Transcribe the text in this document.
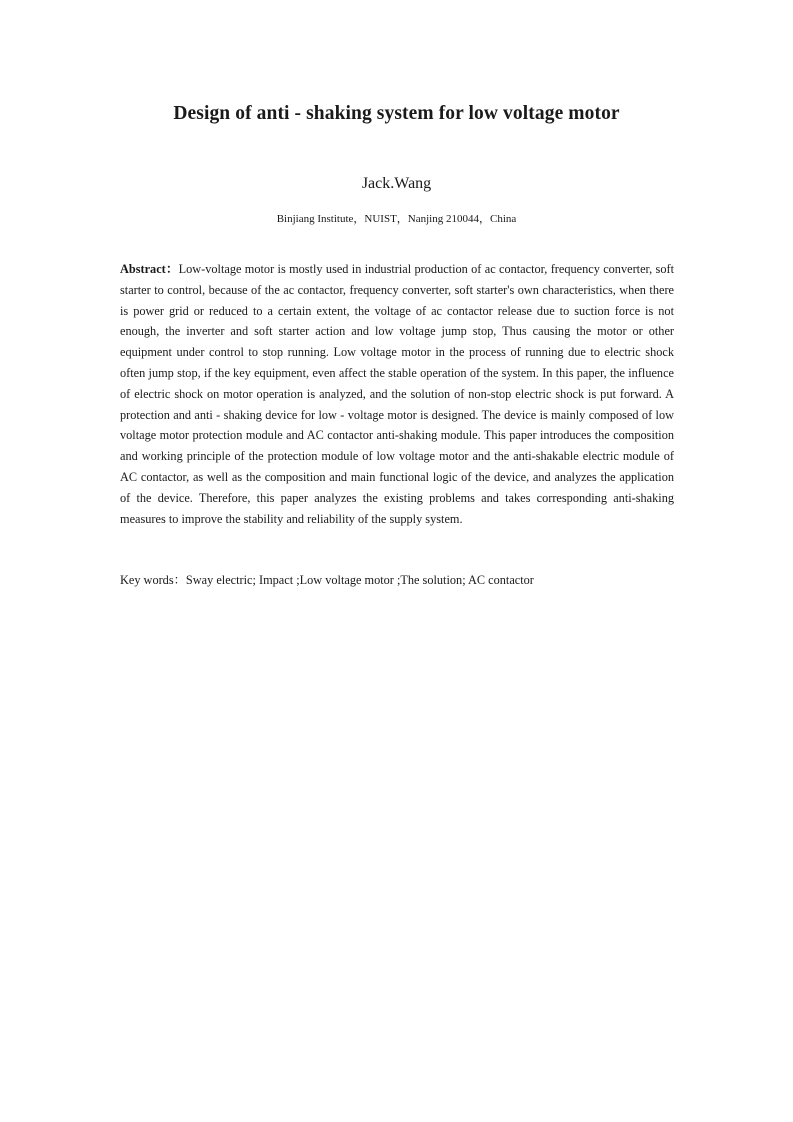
Design of anti - shaking system for low voltage motor
Jack.Wang
Binjiang Institute，NUIST，Nanjing 210044，China

Abstract：Low-voltage motor is mostly used in industrial production of ac contactor, frequency converter, soft starter to control, because of the ac contactor, frequency converter, soft starter's own characteristics, when there is power grid or reduced to a certain extent, the voltage of ac contactor release due to suction force is not enough, the inverter and soft starter action and low voltage jump stop, Thus causing the motor or other equipment under control to stop running. Low voltage motor in the process of running due to electric shock often jump stop, if the key equipment, even affect the stable operation of the system. In this paper, the influence of electric shock on motor operation is analyzed, and the solution of non-stop electric shock is put forward. A protection and anti - shaking device for low - voltage motor is designed. The device is mainly composed of low voltage motor protection module and AC contactor anti-shaking module. This paper introduces the composition and working principle of the protection module of low voltage motor and the anti-shakable electric module of AC contactor, as well as the composition and main functional logic of the device, and analyzes the application of the device. Therefore, this paper analyzes the existing problems and takes corresponding anti-shaking measures to improve the stability and reliability of the supply system.

Key words：Sway electric; Impact ;Low voltage motor ;The solution; AC contactor
